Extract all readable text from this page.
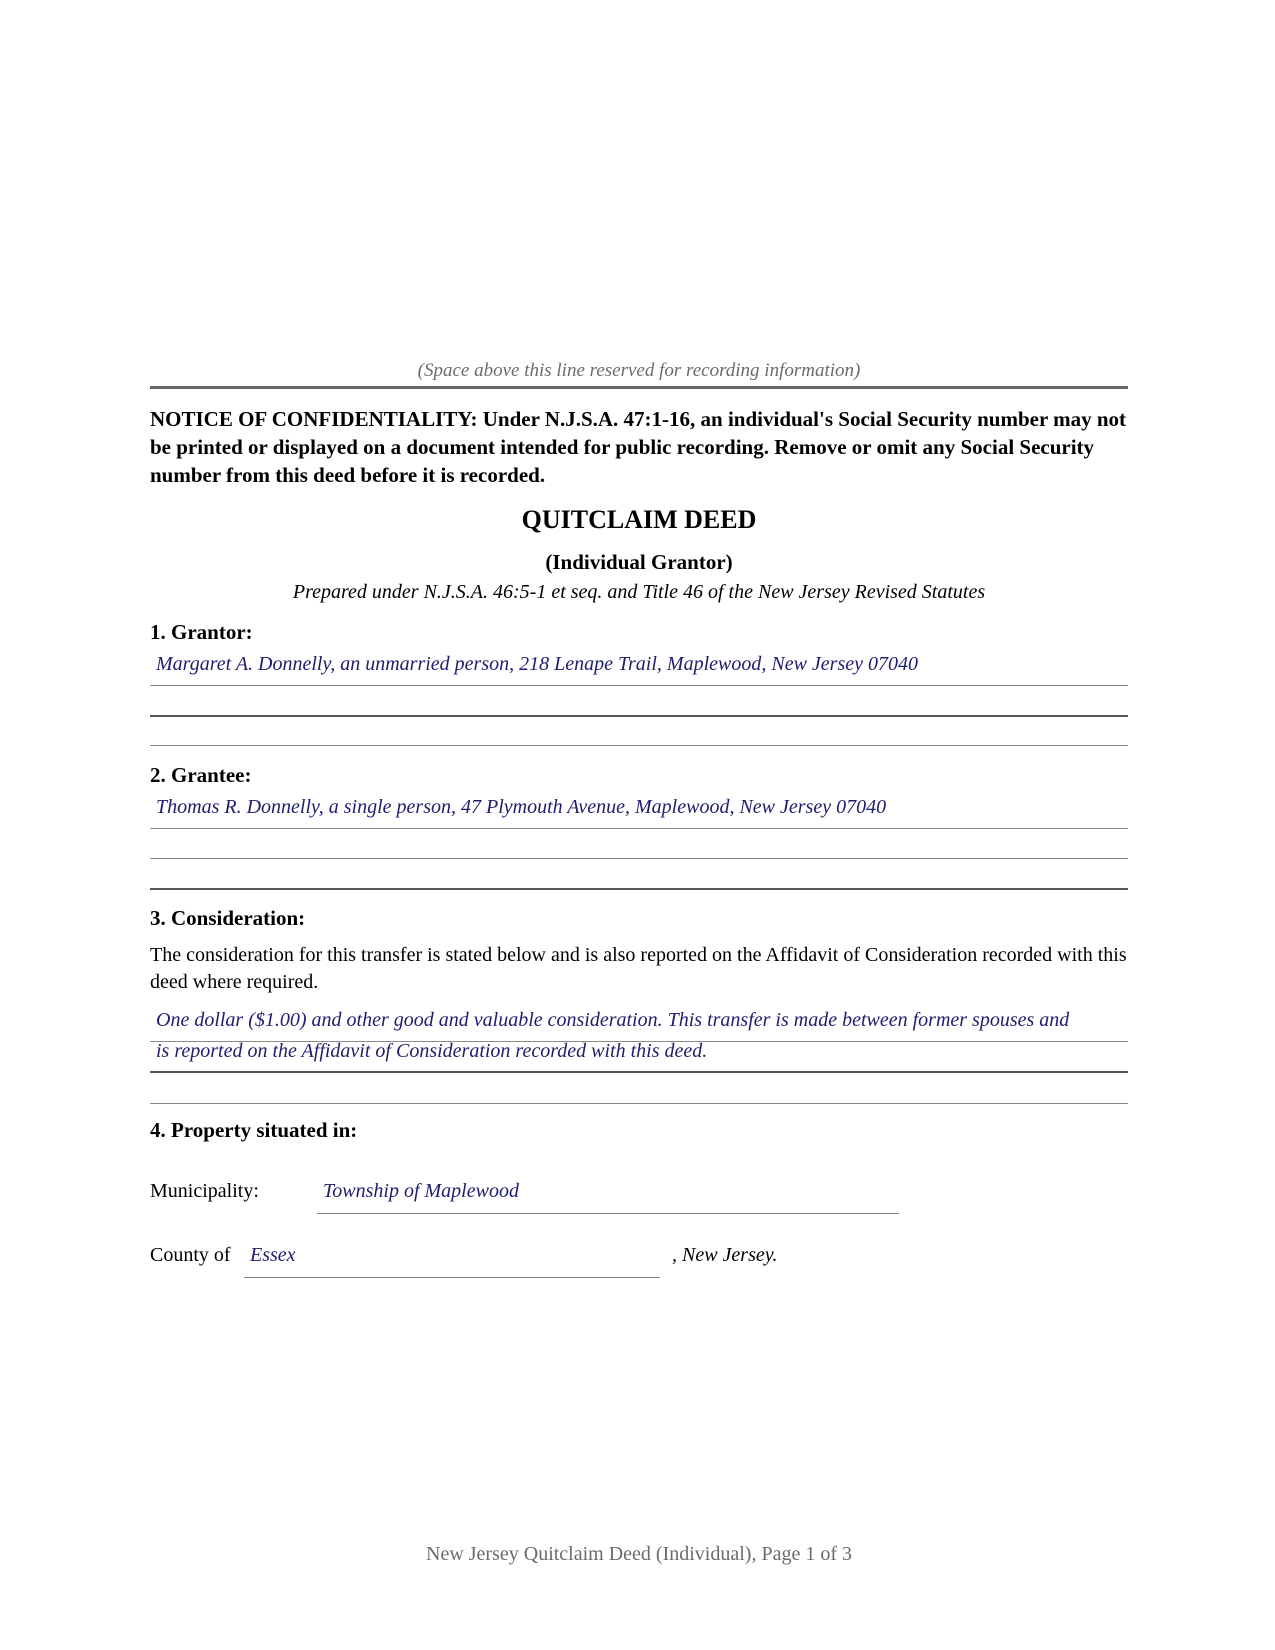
(Space above this line reserved for recording information)
NOTICE OF CONFIDENTIALITY: Under N.J.S.A. 47:1-16, an individual's Social Security number may not be printed or displayed on a document intended for public recording. Remove or omit any Social Security number from this deed before it is recorded.
QUITCLAIM DEED
(Individual Grantor)
Prepared under N.J.S.A. 46:5-1 et seq. and Title 46 of the New Jersey Revised Statutes
1. Grantor:
Margaret A. Donnelly, an unmarried person, 218 Lenape Trail, Maplewood, New Jersey 07040
2. Grantee:
Thomas R. Donnelly, a single person, 47 Plymouth Avenue, Maplewood, New Jersey 07040
3. Consideration:
The consideration for this transfer is stated below and is also reported on the Affidavit of Consideration recorded with this deed where required.
One dollar ($1.00) and other good and valuable consideration. This transfer is made between former spouses and
is reported on the Affidavit of Consideration recorded with this deed.
4. Property situated in:
Municipality:	Township of Maplewood
County of Essex	, New Jersey.
New Jersey Quitclaim Deed (Individual), Page 1 of 3
